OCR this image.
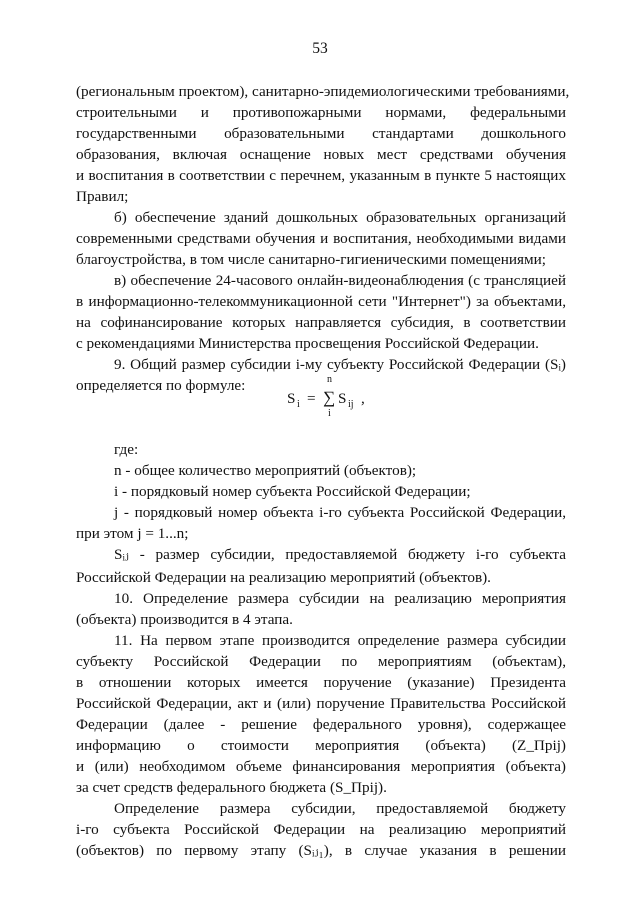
53
(региональным проектом), санитарно-эпидемиологическими требованиями,
строительными и противопожарными нормами, федеральными
государственными образовательными стандартами дошкольного
образования, включая оснащение новых мест средствами обучения
и воспитания в соответствии с перечнем, указанным в пункте 5 настоящих
Правил;
б) обеспечение зданий дошкольных образовательных организаций
современными средствами обучения и воспитания, необходимыми видами
благоустройства, в том числе санитарно-гигиеническими помещениями;
в) обеспечение 24-часового онлайн-видеонаблюдения (с трансляцией
в информационно-телекоммуникационной сети "Интернет") за объектами,
на софинансирование которых направляется субсидия, в соответствии
с рекомендациями Министерства просвещения Российской Федерации.
9. Общий размер субсидии i-му субъекту Российской Федерации (Sᵢ)
определяется по формуле:
где:
n - общее количество мероприятий (объектов);
i - порядковый номер субъекта Российской Федерации;
j - порядковый номер объекта i-го субъекта Российской Федерации,
при этом j = 1...n;
Sᵢⱼ - размер субсидии, предоставляемой бюджету i-го субъекта
Российской Федерации на реализацию мероприятий (объектов).
10. Определение размера субсидии на реализацию мероприятия
(объекта) производится в 4 этапа.
11. На первом этапе производится определение размера субсидии
субъекту Российской Федерации по мероприятиям (объектам),
в отношении которых имеется поручение (указание) Президента
Российской Федерации, акт и (или) поручение Правительства Российской
Федерации (далее - решение федерального уровня), содержащее
информацию о стоимости мероприятия (объекта) (Z_Пpij)
и (или) необходимом объеме финансирования мероприятия (объекта)
за счет средств федерального бюджета (S_Пpij).
Определение размера субсидии, предоставляемой бюджету
i-го субъекта Российской Федерации на реализацию мероприятий
(объектов) по первому этапу (Sᵢⱼ₁), в случае указания в решении
S i = ∑
n
i
S ij ,
